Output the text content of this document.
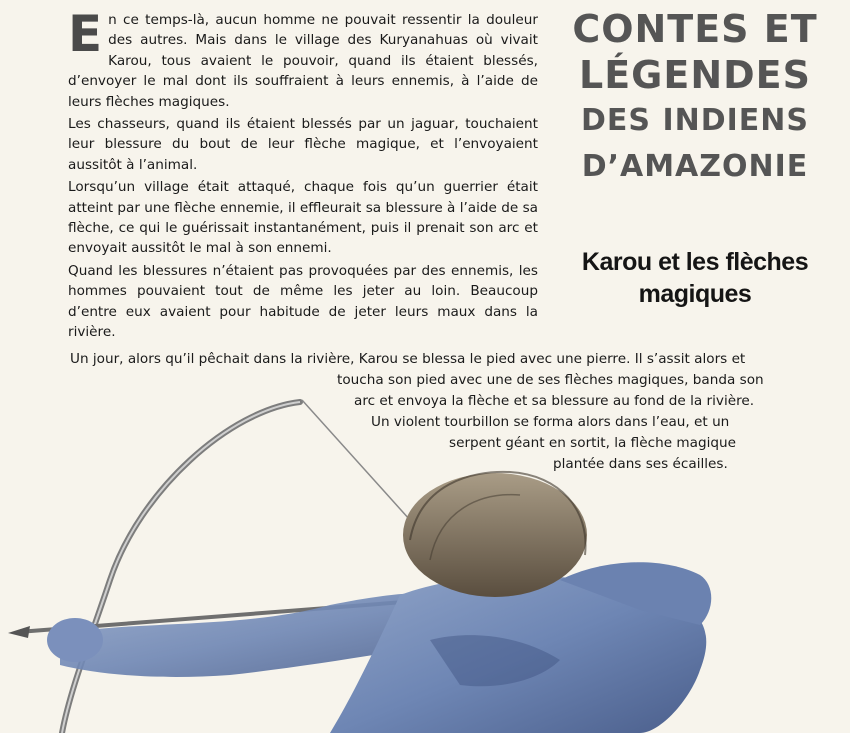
En ce temps-là, aucun homme ne pouvait ressentir la douleur des autres. Mais dans le village des Kuryanahuas où vivait Karou, tous avaient le pouvoir, quand ils étaient blessés, d’envoyer le mal dont ils souffraient à leurs ennemis, à l’aide de leurs flèches magiques.

Les chasseurs, quand ils étaient blessés par un jaguar, touchaient leur blessure du bout de leur flèche magique, et l’envoyaient aussitôt à l’animal.

Lorsqu’un village était attaqué, chaque fois qu’un guerrier était atteint par une flèche ennemie, il effleurait sa blessure à l’aide de sa flèche, ce qui le guérissait instantanément, puis il prenait son arc et envoyait aussitôt le mal à son ennemi.

Quand les blessures n’étaient pas provoquées par des ennemis, les hommes pouvaient tout de même les jeter au loin. Beaucoup d’entre eux avaient pour habitude de jeter leurs maux dans la rivière.

CONTES ET
LÉGENDES
DES INDIENS
D’AMAZONIE
Karou et les flèches
magiques
Un jour, alors qu’il pêchait dans la rivière, Karou se blessa le pied avec une pierre. Il s’assit alors et
toucha son pied avec une de ses flèches magiques, banda son
arc et envoya la flèche et sa blessure au fond de la rivière.
Un violent tourbillon se forma alors dans l’eau, et un
serpent géant en sortit, la flèche magique
plantée dans ses écailles.
